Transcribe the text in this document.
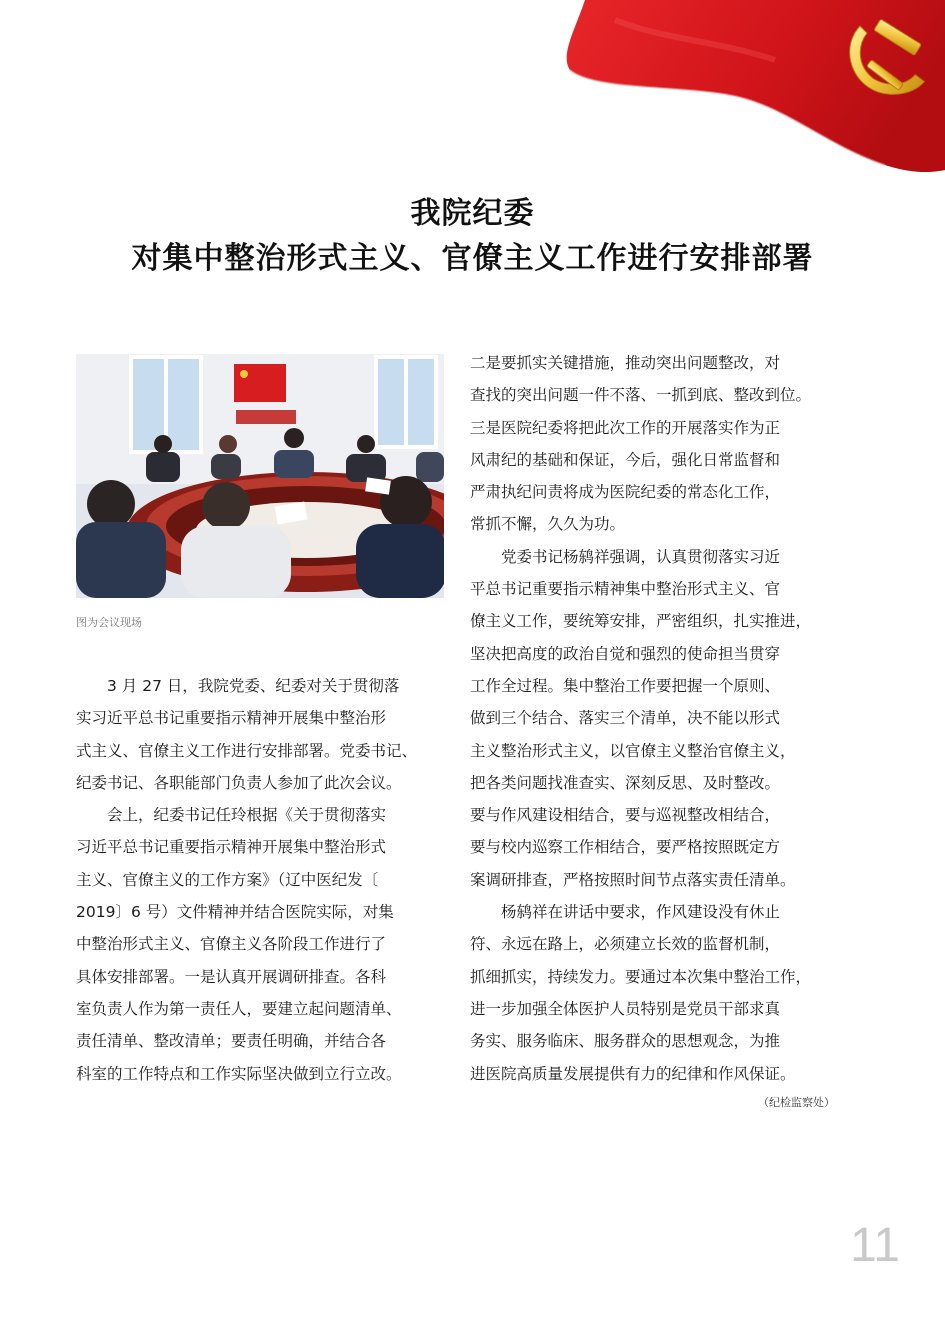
我院纪委
对集中整治形式主义、官僚主义工作进行安排部署
图为会议现场

3 月 27 日，我院党委、纪委对关于贯彻落

实习近平总书记重要指示精神开展集中整治形

式主义、官僚主义工作进行安排部署。党委书记、

纪委书记、各职能部门负责人参加了此次会议。

会上，纪委书记任玲根据《关于贯彻落实

习近平总书记重要指示精神开展集中整治形式

主义、官僚主义的工作方案》（辽中医纪发〔

2019〕6 号）文件精神并结合医院实际，对集

中整治形式主义、官僚主义各阶段工作进行了

具体安排部署。一是认真开展调研排查。各科

室负责人作为第一责任人，要建立起问题清单、

责任清单、整改清单；要责任明确，并结合各

科室的工作特点和工作实际坚决做到立行立改。

二是要抓实关键措施，推动突出问题整改，对

查找的突出问题一件不落、一抓到底、整改到位。

三是医院纪委将把此次工作的开展落实作为正

风肃纪的基础和保证，今后，强化日常监督和

严肃执纪问责将成为医院纪委的常态化工作，

常抓不懈，久久为功。

党委书记杨鸫祥强调，认真贯彻落实习近

平总书记重要指示精神集中整治形式主义、官

僚主义工作，要统筹安排，严密组织，扎实推进，

坚决把高度的政治自觉和强烈的使命担当贯穿

工作全过程。集中整治工作要把握一个原则、

做到三个结合、落实三个清单，决不能以形式

主义整治形式主义，以官僚主义整治官僚主义，

把各类问题找准查实、深刻反思、及时整改。

要与作风建设相结合，要与巡视整改相结合，

要与校内巡察工作相结合，要严格按照既定方

案调研排查，严格按照时间节点落实责任清单。

杨鸫祥在讲话中要求，作风建设没有休止

符、永远在路上，必须建立长效的监督机制，

抓细抓实，持续发力。要通过本次集中整治工作，

进一步加强全体医护人员特别是党员干部求真

务实、服务临床、服务群众的思想观念，为推

进医院高质量发展提供有力的纪律和作风保证。

（纪检监察处）
11
